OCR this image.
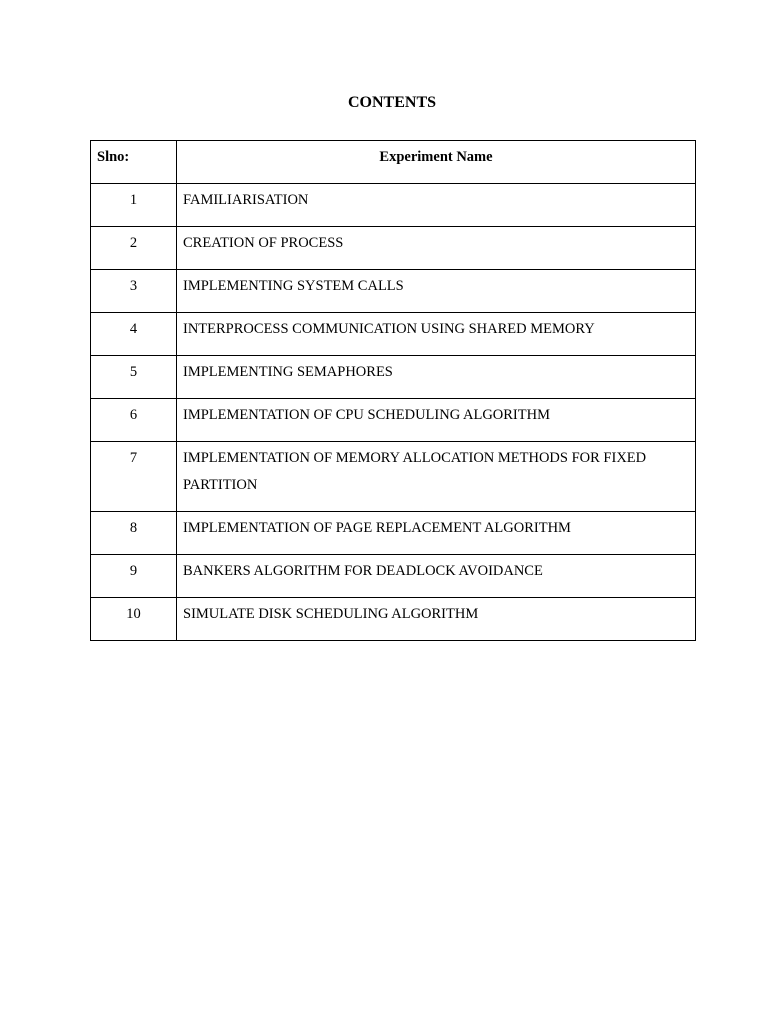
CONTENTS
Slno:	Experiment Name
1	FAMILIARISATION
2	CREATION OF PROCESS
3	IMPLEMENTING SYSTEM CALLS
4	INTERPROCESS COMMUNICATION USING SHARED MEMORY
5	IMPLEMENTING SEMAPHORES
6	IMPLEMENTATION OF CPU SCHEDULING ALGORITHM
7	IMPLEMENTATION OF MEMORY ALLOCATION METHODS FOR FIXED PARTITION
8	IMPLEMENTATION OF PAGE REPLACEMENT ALGORITHM
9	BANKERS ALGORITHM FOR DEADLOCK AVOIDANCE
10	SIMULATE DISK SCHEDULING ALGORITHM
